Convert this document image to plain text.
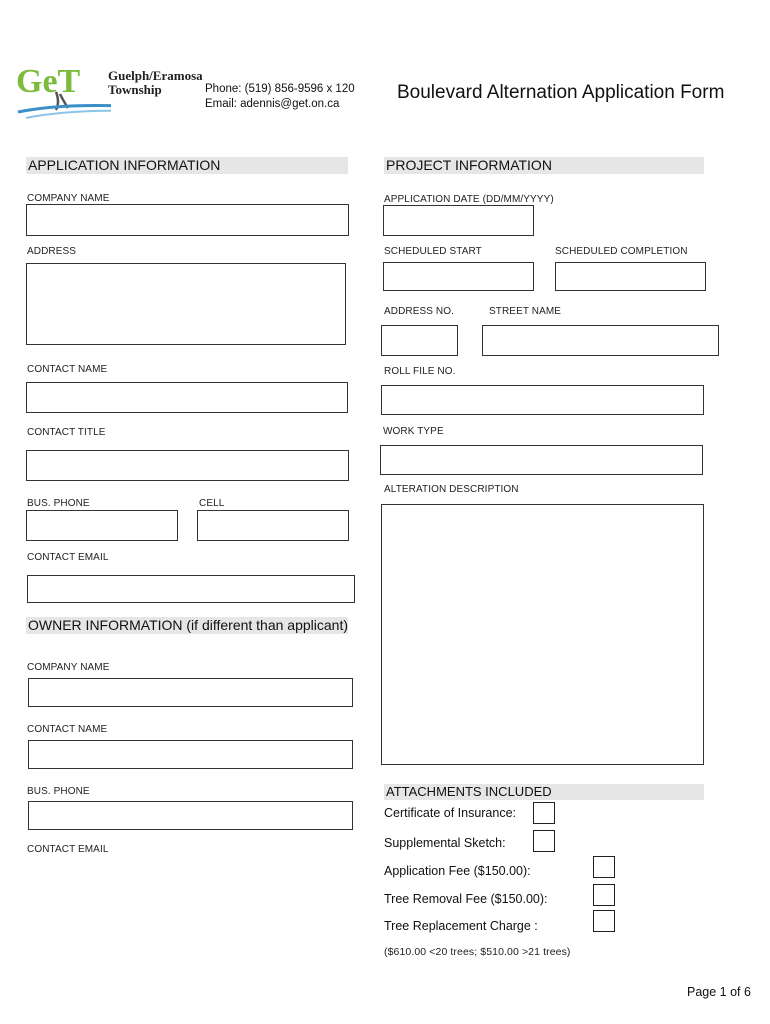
GeT Guelph/Eramosa
Township	Phone: (519) 856-9596 x 120
Email: adennis@get.on.ca
Boulevard Alternation Application Form
APPLICATION INFORMATION
COMPANY NAME
ADDRESS
CONTACT NAME
CONTACT TITLE
BUS. PHONE	CELL
CONTACT EMAIL
OWNER INFORMATION (if different than applicant)
COMPANY NAME
CONTACT NAME
BUS. PHONE
CONTACT EMAIL
PROJECT INFORMATION
APPLICATION DATE (DD/MM/YYYY)
SCHEDULED START	SCHEDULED COMPLETION
ADDRESS NO.	STREET NAME
ROLL FILE NO.
WORK TYPE
ALTERATION DESCRIPTION
ATTACHMENTS INCLUDED
Certificate of Insurance:
Supplemental Sketch:
Application Fee ($150.00):
Tree Removal Fee ($150.00):
Tree Replacement Charge :
($610.00 <20 trees; $510.00 >21 trees)
Page 1 of 6
